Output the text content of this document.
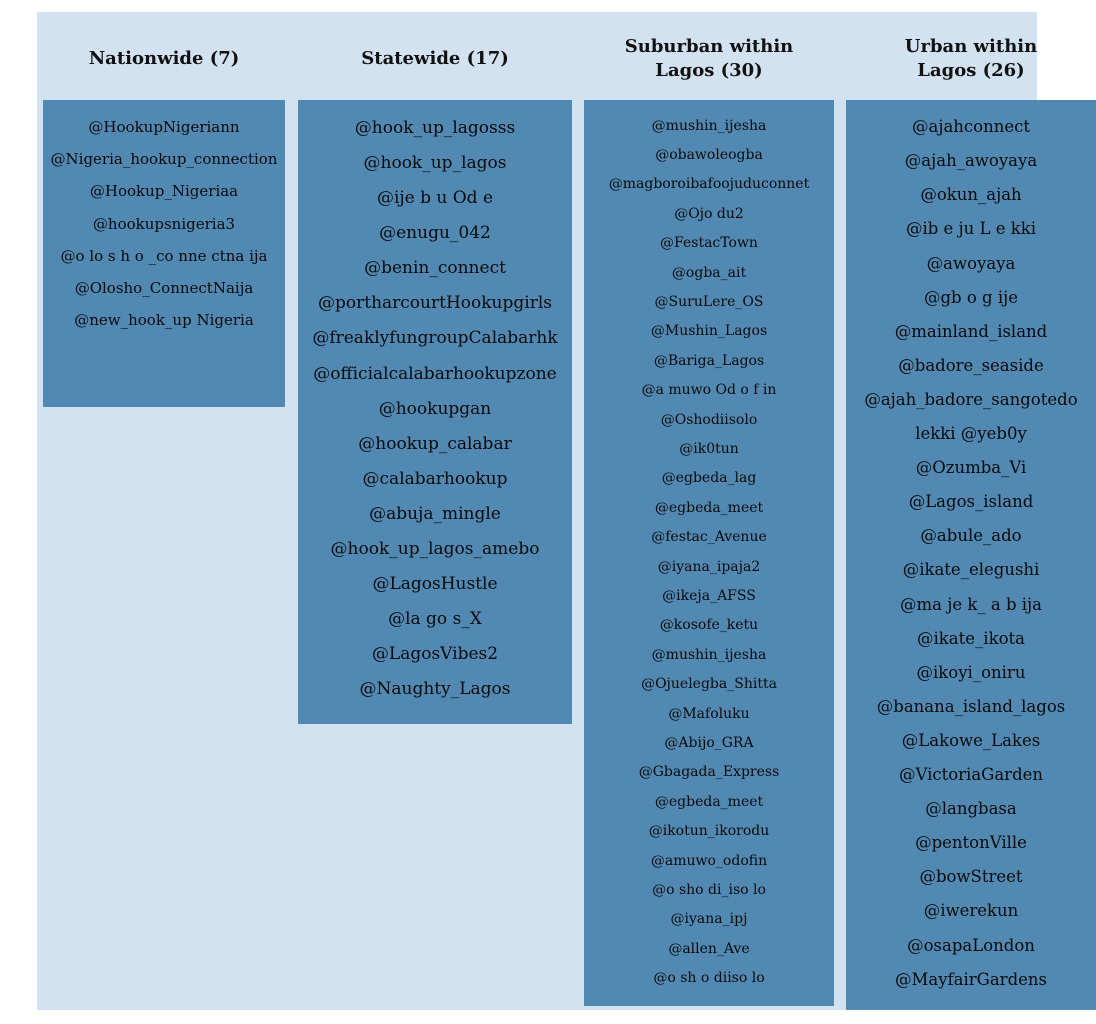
Nationwide (7)	Statewide (17)
Suburban within
Lagos (30)
Urban within
Lagos (26)
@HookupNigeriann
@Nigeria_hookup_connection
@Hookup_Nigeriaa
@hookupsnigeria3
@o lo s h o _co nne ctna ija
@Olosho_ConnectNaija
@new_hook_up Nigeria
@hook_up_lagosss
@hook_up_lagos
@ije b u Od e
@enugu_042
@benin_connect
@portharcourtHookupgirls
@freaklyfungroupCalabarhk
@officialcalabarhookupzone
@hookupgan
@hookup_calabar
@calabarhookup
@abuja_mingle
@hook_up_lagos_amebo
@LagosHustle
@la go s_X
@LagosVibes2
@Naughty_Lagos
@mushin_ijesha
@obawoleogba
@magboroibafoojuduconnet
@Ojo du2
@FestacTown
@ogba_ait
@SuruLere_OS
@Mushin_Lagos
@Bariga_Lagos
@a muwo Od o f in
@Oshodiisolo
@ik0tun
@egbeda_lag
@egbeda_meet
@festac_Avenue
@iyana_ipaja2
@ikeja_AFSS
@kosofe_ketu
@mushin_ijesha
@Ojuelegba_Shitta
@Mafoluku
@Abijo_GRA
@Gbagada_Express
@egbeda_meet
@ikotun_ikorodu
@amuwo_odofin
@o sho di_iso lo
@iyana_ipj
@allen_Ave
@o sh o diiso lo
@ajahconnect
@ajah_awoyaya
@okun_ajah
@ib e ju L e kki
@awoyaya
@gb o g ije
@mainland_island
@badore_seaside
@ajah_badore_sangotedo
lekki @yeb0y
@Ozumba_Vi
@Lagos_island
@abule_ado
@ikate_elegushi
@ma je k_ a b ija
@ikate_ikota
@ikoyi_oniru
@banana_island_lagos
@Lakowe_Lakes
@VictoriaGarden
@langbasa
@pentonVille
@bowStreet
@iwerekun
@osapaLondon
@MayfairGardens
